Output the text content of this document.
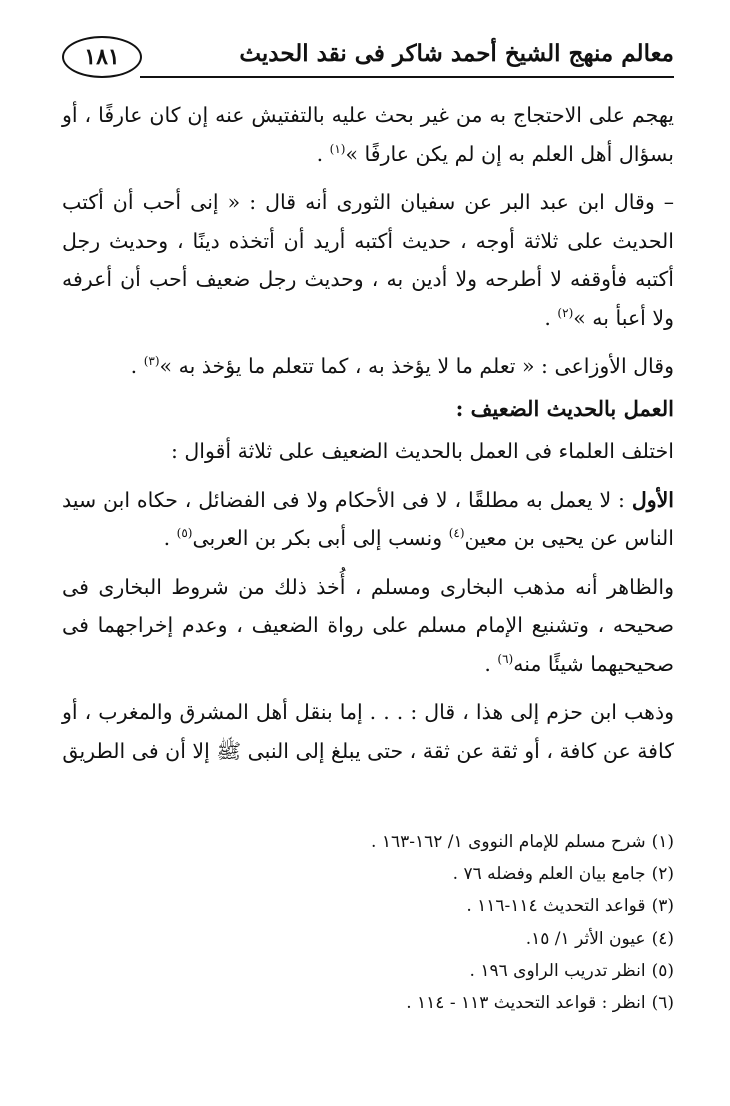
معالم منهج الشيخ أحمد شاكر فى نقد الحديث
١٨١

يهجم على الاحتجاج به من غير بحث عليه بالتفتيش عنه إن كان عارفًا ، أو بسؤال أهل العلم به إن لم يكن عارفًا »$^{(١)}$ .

– وقال ابن عبد البر عن سفيان الثورى أنه قال : « إنى أحب أن أكتب الحديث على ثلاثة أوجه ، حديث أكتبه أريد أن أتخذه دينًا ، وحديث رجل أكتبه فأوقفه لا أطرحه ولا أدين به ، وحديث رجل ضعيف أحب أن أعرفه ولا أعبأ به »$^{(٢)}$ .

وقال الأوزاعى : « تعلم ما لا يؤخذ به ، كما تتعلم ما يؤخذ به »$^{(٣)}$ .

العمل بالحديث الضعيف :

اختلف العلماء فى العمل بالحديث الضعيف على ثلاثة أقوال :

الأول : لا يعمل به مطلقًا ، لا فى الأحكام ولا فى الفضائل ، حكاه ابن سيد الناس عن يحيى بن معين$^{(٤)}$ ونسب إلى أبى بكر بن العربى$^{(٥)}$ .

والظاهر أنه مذهب البخارى ومسلم ، أُخذ ذلك من شروط البخارى فى صحيحه ، وتشنيع الإمام مسلم على رواة الضعيف ، وعدم إخراجهما فى صحيحيهما شيئًا منه$^{(٦)}$ .

وذهب ابن حزم إلى هذا ، قال : . . . إما بنقل أهل المشرق والمغرب ، أو كافة عن كافة ، أو ثقة عن ثقة ، حتى يبلغ إلى النبى ﷺ إلا أن فى الطريق

(١)شرح مسلم للإمام النووى ١/ ١٦٢-١٦٣ .
(٢)جامع بيان العلم وفضله ٧٦ .
(٣)قواعد التحديث ١١٤-١١٦ .
(٤)عيون الأثر ١/ ١٥.
(٥)انظر تدريب الراوى ١٩٦ .
(٦)انظر : قواعد التحديث ١١٣ - ١١٤ .
